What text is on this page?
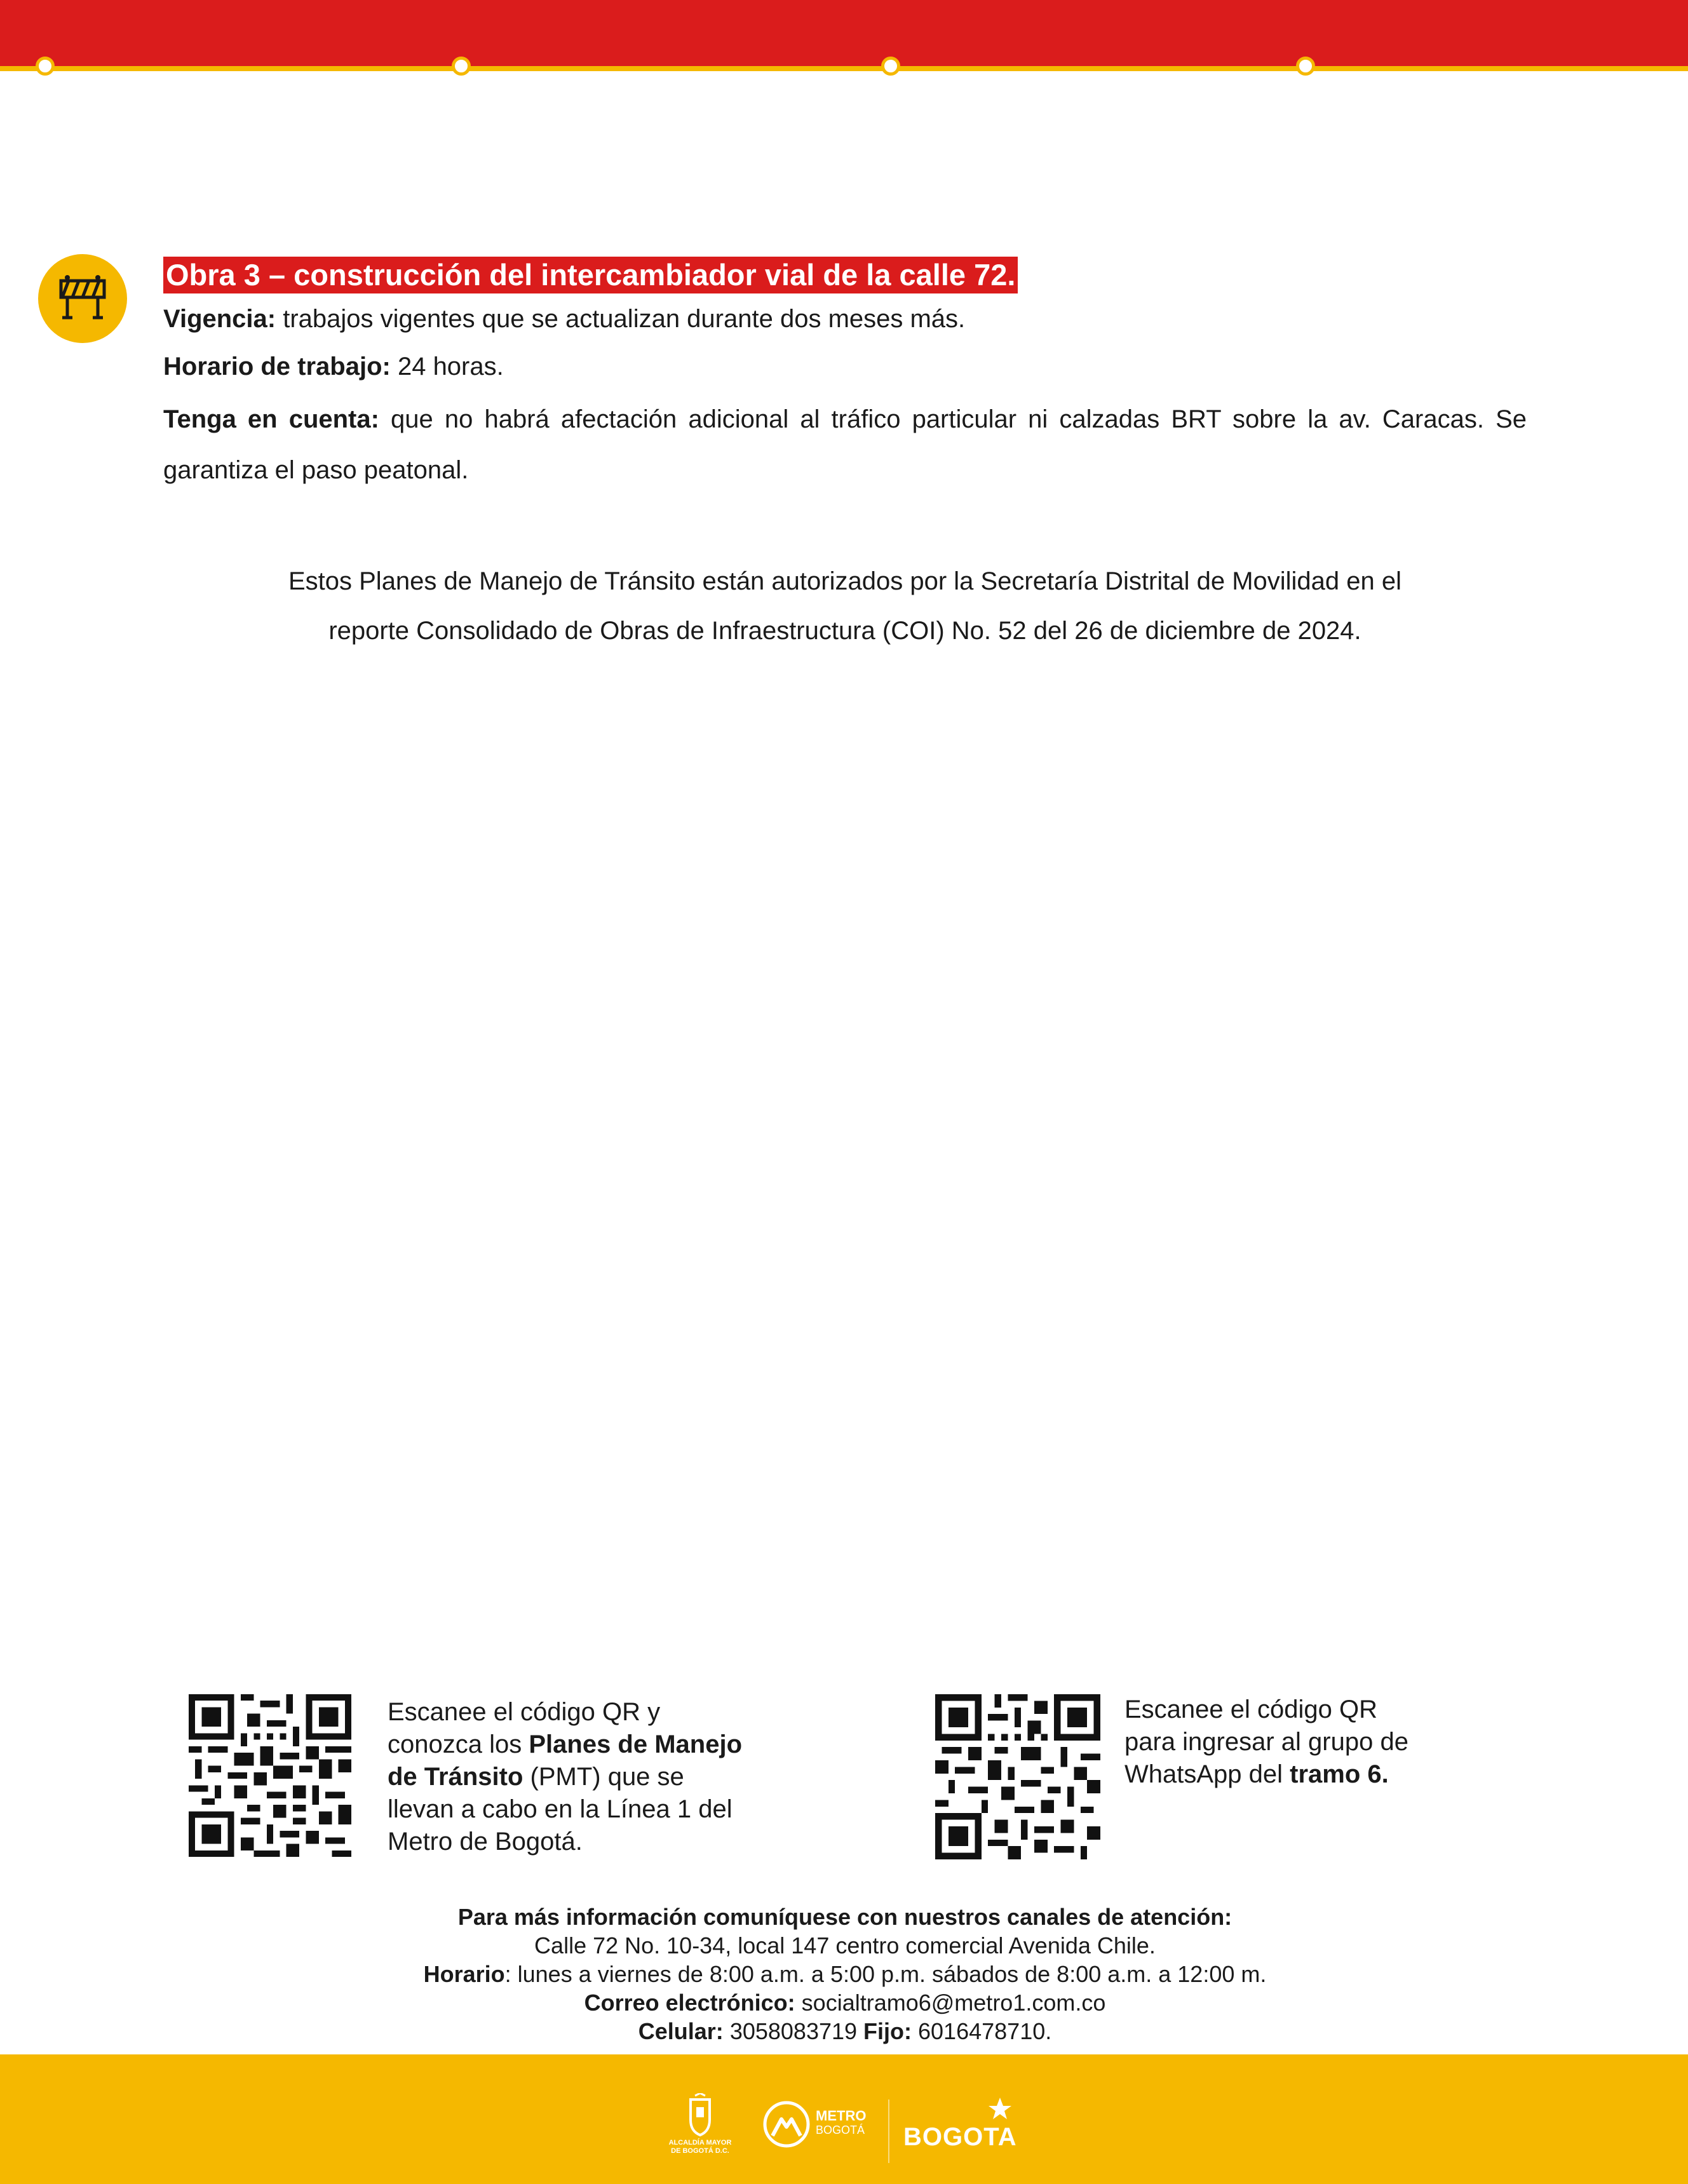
Obra 3 – construcción del intercambiador vial de la calle 72.

Vigencia: trabajos vigentes que se actualizan durante dos meses más.

Horario de trabajo: 24 horas.

Tenga en cuenta: que no habrá afectación adicional al tráfico particular ni calzadas BRT sobre la av. Caracas. Se garantiza el paso peatonal.

Estos Planes de Manejo de Tránsito están autorizados por la Secretaría Distrital de Movilidad en el
reporte Consolidado de Obras de Infraestructura (COI) No. 52 del 26 de diciembre de 2024.
Escanee el código QR y
conozca los Planes de Manejo
de Tránsito (PMT) que se
llevan a cabo en la Línea 1 del
Metro de Bogotá.
Escanee el código QR
para ingresar al grupo de
WhatsApp del tramo 6.
Para más información comuníquese con nuestros canales de atención:
Calle 72 No. 10-34, local 147 centro comercial Avenida Chile.
Horario: lunes a viernes de 8:00 a.m. a 5:00 p.m. sábados de 8:00 a.m. a 12:00 m.
Correo electrónico: socialtramo6@metro1.com.co
Celular: 3058083719 Fijo: 6016478710.
ALCALDÍA MAYOR
DE BOGOTÁ D.C.
METRO
BOGOTÁ BOGOTA
